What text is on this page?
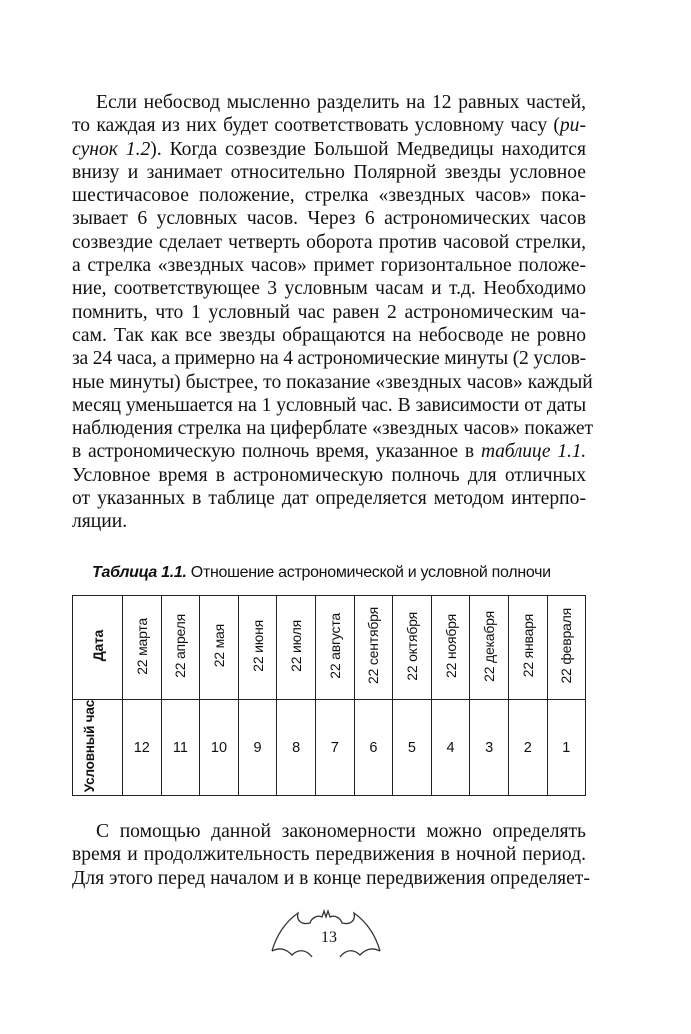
Если небосвод мысленно разделить на 12 равных частей,
то каждая из них будет соответствовать условному часу (ри-
сунок 1.2). Когда созвездие Большой Медведицы находится
внизу и занимает относительно Полярной звезды условное
шестичасовое положение, стрелка «звездных часов» пока-
зывает 6 условных часов. Через 6 астрономических часов
созвездие сделает четверть оборота против часовой стрелки,
а стрелка «звездных часов» примет горизонтальное положе-
ние, соответствующее 3 условным часам и т.д. Необходимо
помнить, что 1 условный час равен 2 астрономическим ча-
сам. Так как все звезды обращаются на небосводе не ровно
за 24 часа, а примерно на 4 астрономические минуты (2 услов-
ные минуты) быстрее, то показание «звездных часов» каждый
месяц уменьшается на 1 условный час. В зависимости от даты
наблюдения стрелка на циферблате «звездных часов» покажет
в астрономическую полночь время, указанное в таблице 1.1.
Условное время в астрономическую полночь для отличных
от указанных в таблице дат определяется методом интерпо-
ляции.
Таблица 1.1. Отношение астрономической и условной полночи
Дата	22 марта	22 апреля	22 мая	22 июня	22 июля	22 августа	22 сентября	22 октября	22 ноября	22 декабря	22 января	22 февраля
Условный час	12	11	10	9	8	7	6	5	4	3	2	1
С помощью данной закономерности можно определять
время и продолжительность передвижения в ночной период.
Для этого перед началом и в конце передвижения определяет-
13
